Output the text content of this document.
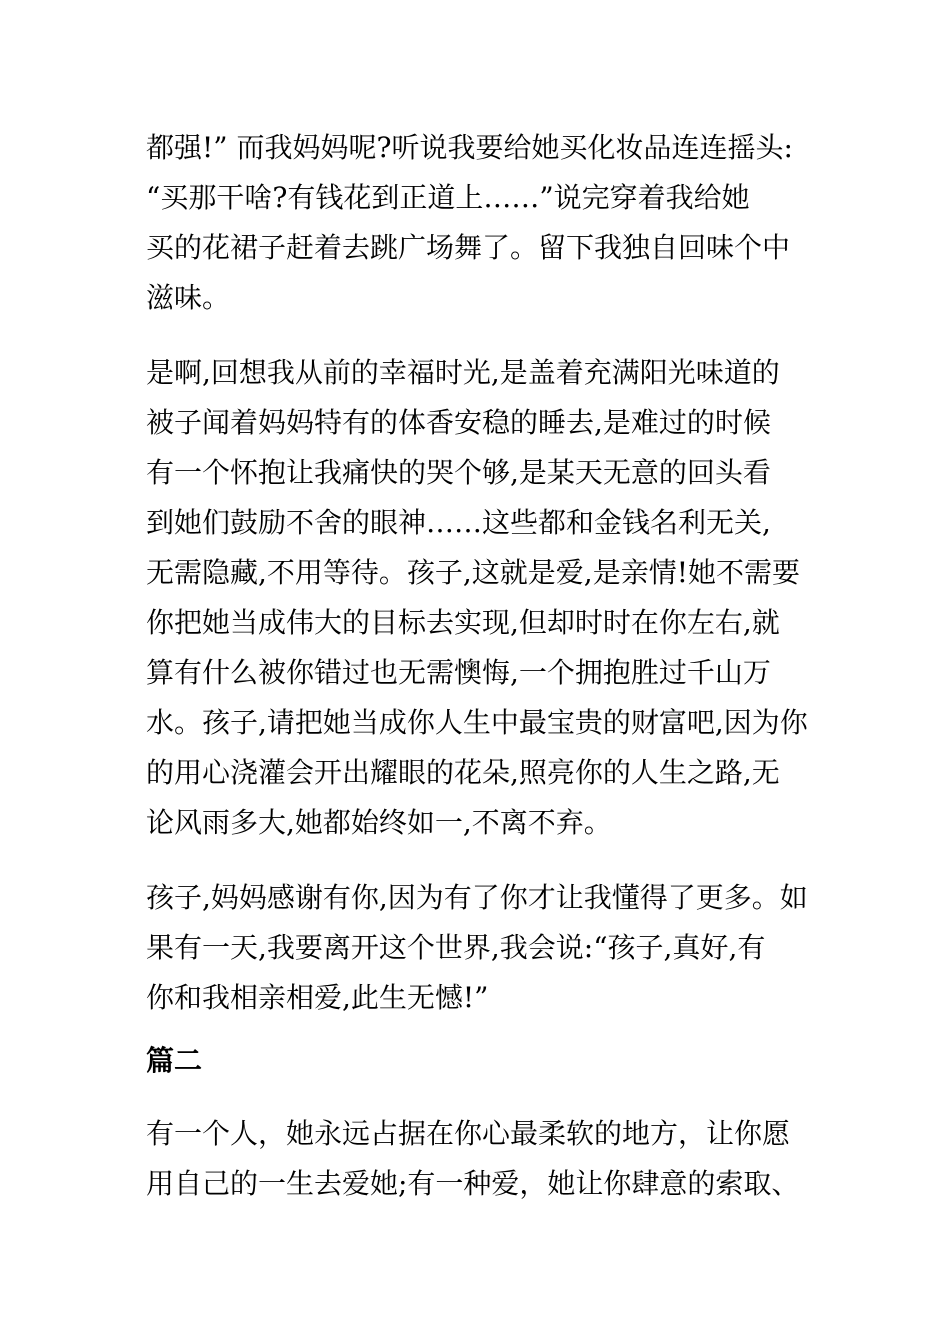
都强!” 而我妈妈呢?听说我要给她买化妆品连连摇头:
“买那干啥?有钱花到正道上……”说完穿着我给她
买的花裙子赶着去跳广场舞了。留下我独自回味个中
滋味。
是啊,回想我从前的幸福时光,是盖着充满阳光味道的
被子闻着妈妈特有的体香安稳的睡去,是难过的时候
有一个怀抱让我痛快的哭个够,是某天无意的回头看
到她们鼓励不舍的眼神……这些都和金钱名利无关,
无需隐藏,不用等待。孩子,这就是爱,是亲情!她不需要
你把她当成伟大的目标去实现,但却时时在你左右,就
算有什么被你错过也无需懊悔,一个拥抱胜过千山万
水。孩子,请把她当成你人生中最宝贵的财富吧,因为你
的用心浇灌会开出耀眼的花朵,照亮你的人生之路,无
论风雨多大,她都始终如一,不离不弃。
孩子,妈妈感谢有你,因为有了你才让我懂得了更多。如
果有一天,我要离开这个世界,我会说:“孩子,真好,有
你和我相亲相爱,此生无憾!”
篇二
有一个人，她永远占据在你心最柔软的地方，让你愿
用自己的一生去爱她;有一种爱，她让你肆意的索取、
